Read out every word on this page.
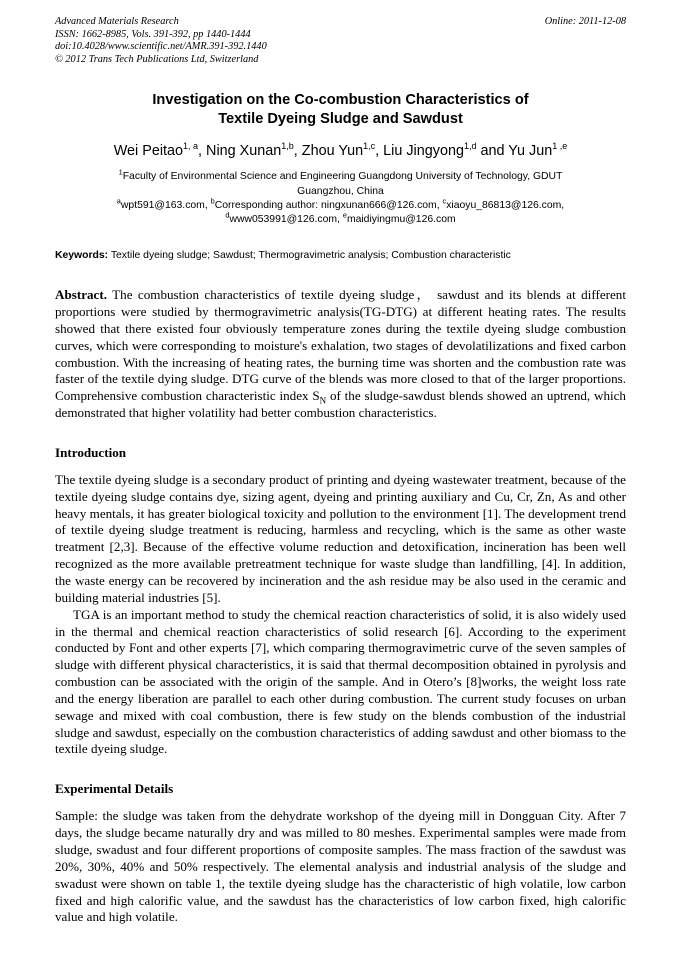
Online: 2011-12-08
Advanced Materials Research
ISSN: 1662-8985, Vols. 391-392, pp 1440-1444
doi:10.4028/www.scientific.net/AMR.391-392.1440
© 2012 Trans Tech Publications Ltd, Switzerland
Investigation on the Co-combustion Characteristics of
Textile Dyeing Sludge and Sawdust
Wei Peitao$^{1, a}$, Ning Xunan$^{1,b}$, Zhou Yun$^{1,c}$, Liu Jingyong$^{1,d}$ and Yu Jun$^{1 ,e}$
$^1$Faculty of Environmental Science and Engineering Guangdong University of Technology, GDUT
Guangzhou, China
$^a$wpt591@163.com, $^b$Corresponding author: ningxunan666@126.com, $^c$xiaoyu_86813@126.com,
$^d$www053991@126.com, $^e$maidiyingmu@126.com
Keywords: Textile dyeing sludge; Sawdust; Thermogravimetric analysis; Combustion characteristic
Abstract. The combustion characteristics of textile dyeing sludge， sawdust and its blends at different proportions were studied by thermogravimetric analysis(TG-DTG) at different heating rates. The results showed that there existed four obviously temperature zones during the textile dyeing sludge combustion curves, which were corresponding to moisture's exhalation, two stages of devolatilizations and fixed carbon combustion. With the increasing of heating rates, the burning time was shorten and the combustion rate was faster of the textile dying sludge. DTG curve of the blends was more closed to that of the larger proportions. Comprehensive combustion characteristic index $S_N$ of the sludge-sawdust blends showed an uptrend, which demonstrated that higher volatility had better combustion characteristics.
Introduction

The textile dyeing sludge is a secondary product of printing and dyeing wastewater treatment, because of the textile dyeing sludge contains dye, sizing agent, dyeing and printing auxiliary and Cu, Cr, Zn, As and other heavy mentals, it has greater biological toxicity and pollution to the environment [1]. The development trend of textile dyeing sludge treatment is reducing, harmless and recycling, which is the same as other waste treatment [2,3]. Because of the effective volume reduction and detoxification, incineration has been well recognized as the more available pretreatment technique for waste sludge than landfilling, [4]. In addition, the waste energy can be recovered by incineration and the ash residue may be also used in the ceramic and building material industries [5].

TGA is an important method to study the chemical reaction characteristics of solid, it is also widely used in the thermal and chemical reaction characteristics of solid research [6]. According to the experiment conducted by Font and other experts [7], which comparing thermogravimetric curve of the seven samples of sludge with different physical characteristics, it is said that thermal decomposition obtained in pyrolysis and combustion can be associated with the origin of the sample. And in Otero’s [8]works, the weight loss rate and the energy liberation are parallel to each other during combustion. The current study focuses on urban sewage and mixed with coal combustion, there is few study on the blends combustion of the industrial sludge and sawdust, especially on the combustion characteristics of adding sawdust and other biomass to the textile dyeing sludge.

Experimental Details

Sample: the sludge was taken from the dehydrate workshop of the dyeing mill in Dongguan City. After 7 days, the sludge became naturally dry and was milled to 80 meshes. Experimental samples were made from sludge, swadust and four different proportions of composite samples. The mass fraction of the sawdust was 20%, 30%, 40% and 50% respectively. The elemental analysis and industrial analysis of the sludge and swadust were shown on table 1, the textile dyeing sludge has the characteristic of high volatile, low carbon fixed and high calorific value, and the sawdust has the characteristics of low carbon fixed, high calorific value and high volatile.
